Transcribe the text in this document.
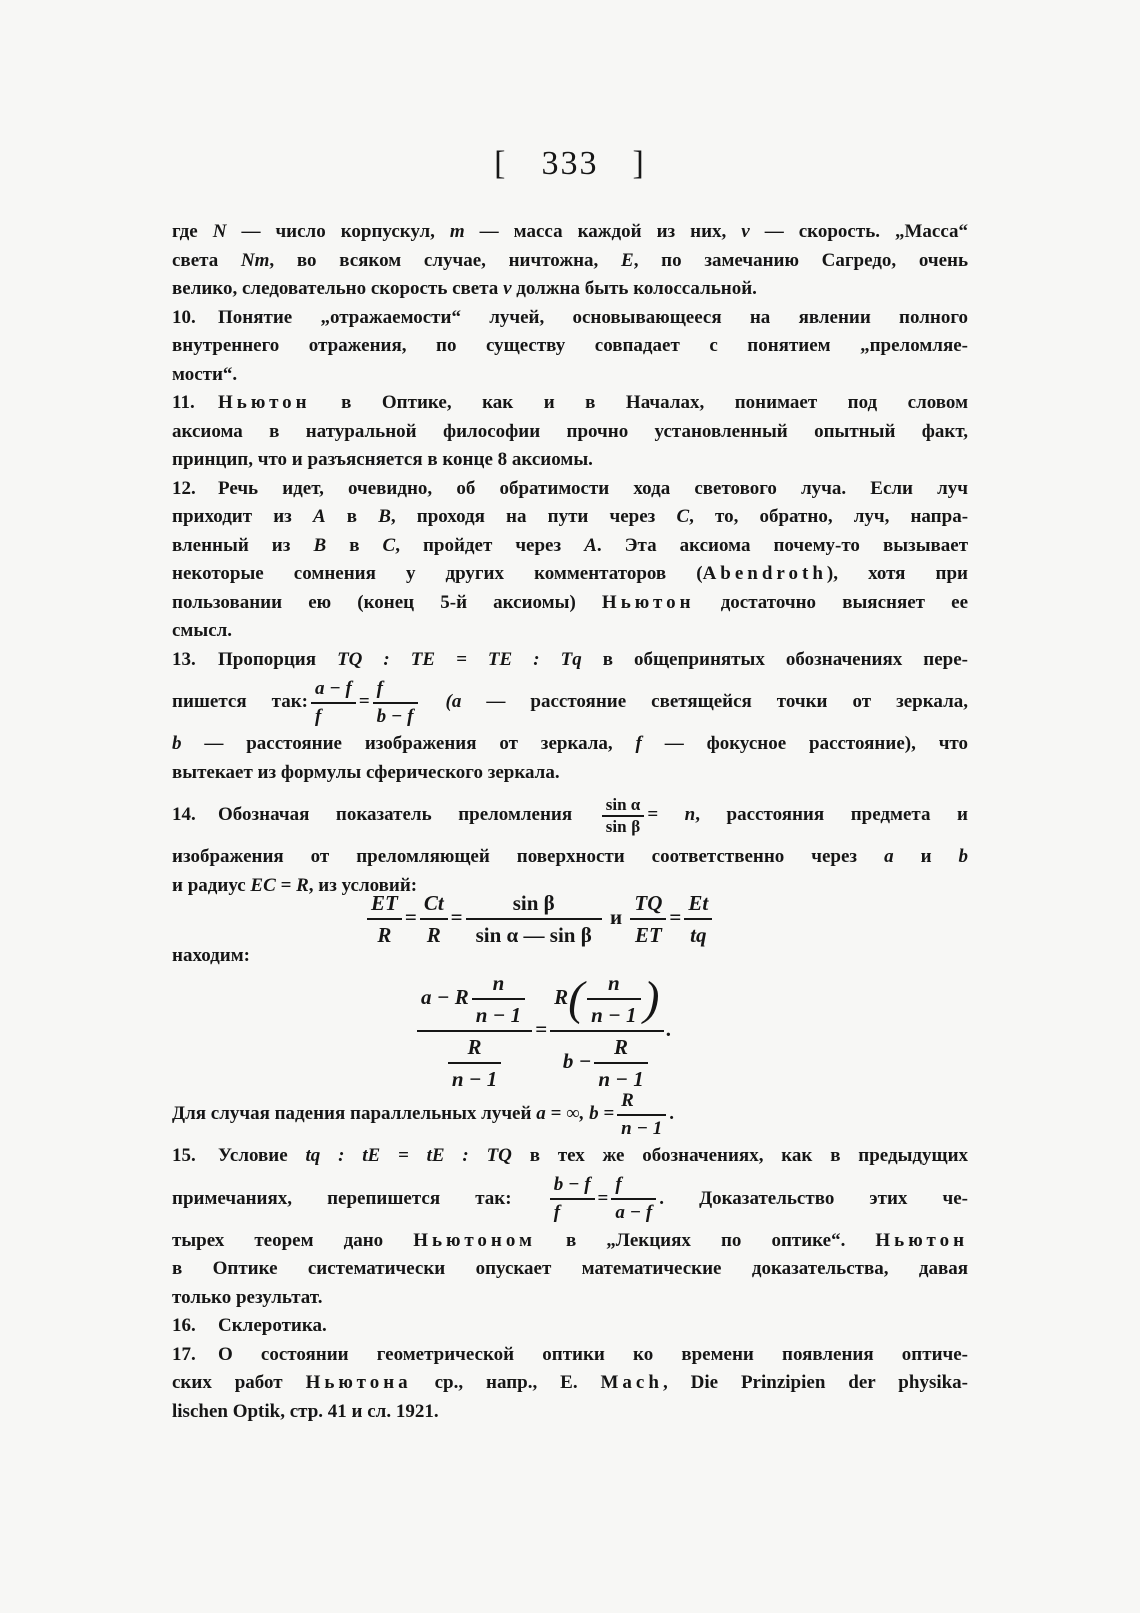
[ 333 ]
где N — число корпускул, m — масса каждой из них, v — скорость. „Масса“
света Nm, во всяком случае, ничтожна, E, по замечанию Сагредо, очень
велико, следовательно скорость света v должна быть колоссальной.
10. Понятие „отражаемости“ лучей, основывающееся на явлении полного
внутреннего отражения, по существу совпадает с понятием „преломляе-
мости“.
11. Ньютон в Оптике, как и в Началах, понимает под словом
аксиома в натуральной философии прочно установленный опытный факт,
принцип, что и разъясняется в конце 8 аксиомы.
12. Речь идет, очевидно, об обратимости хода светового луча. Если луч
приходит из A в B, проходя на пути через C, то, обратно, луч, напра-
вленный из B в C, пройдет через A. Эта аксиома почему-то вызывает
некоторые сомнения у других комментаторов (Abendroth), хотя при
пользовании ею (конец 5-й аксиомы) Ньютон достаточно выясняет ее
смысл.
13. Пропорция TQ : TE = TE : Tq в общепринятых обозначениях пере-
пишется так: $\frac{a - f}{f} = \frac{f}{b - f} (a$ — расстояние светящейся точки от зеркала,
b — расстояние изображения от зеркала, f — фокусное расстояние), что
вытекает из формулы сферического зеркала.
14. Обозначая показатель преломления $\frac{\text{sin α}}{\text{sin β}} = n$, расстояния предмета и
изображения от преломляющей поверхности соответственно через a и b
и радиус EC = R, из условий:
$\frac{ET}{R} = \frac{Ct}{R} = \frac{\text{sin β}}{\text{sin α — sin β}}$ и $\frac{TQ}{ET} = \frac{Et}{tq}$
находим:
a − R $\frac{n}{n - 1}$
$\frac{R}{n - 1}$
= $\frac{R( \frac{n}{n - 1} )}{b - \frac{R}{n - 1}}$ .
Для случая падения параллельных лучей a = ∞, $b = \frac{R}{n - 1}$ .
15. Условие tq : tE = tE : TQ в тех же обозначениях, как в предыдущих
примечаниях, перепишется так: $\frac{b - f}{f} = \frac{f}{a - f}$ . Доказательство этих че-
тырех теорем дано Ньютоном в „Лекциях по оптике“. Ньютон
в Оптике систематически опускает математические доказательства, давая
только результат.
16. Склеротика.
17. О состоянии геометрической оптики ко времени появления оптиче-
ских работ Ньютона ср., напр., E. Mach, Die Prinzipien der physika-
lischen Optik, стр. 41 и сл. 1921.
